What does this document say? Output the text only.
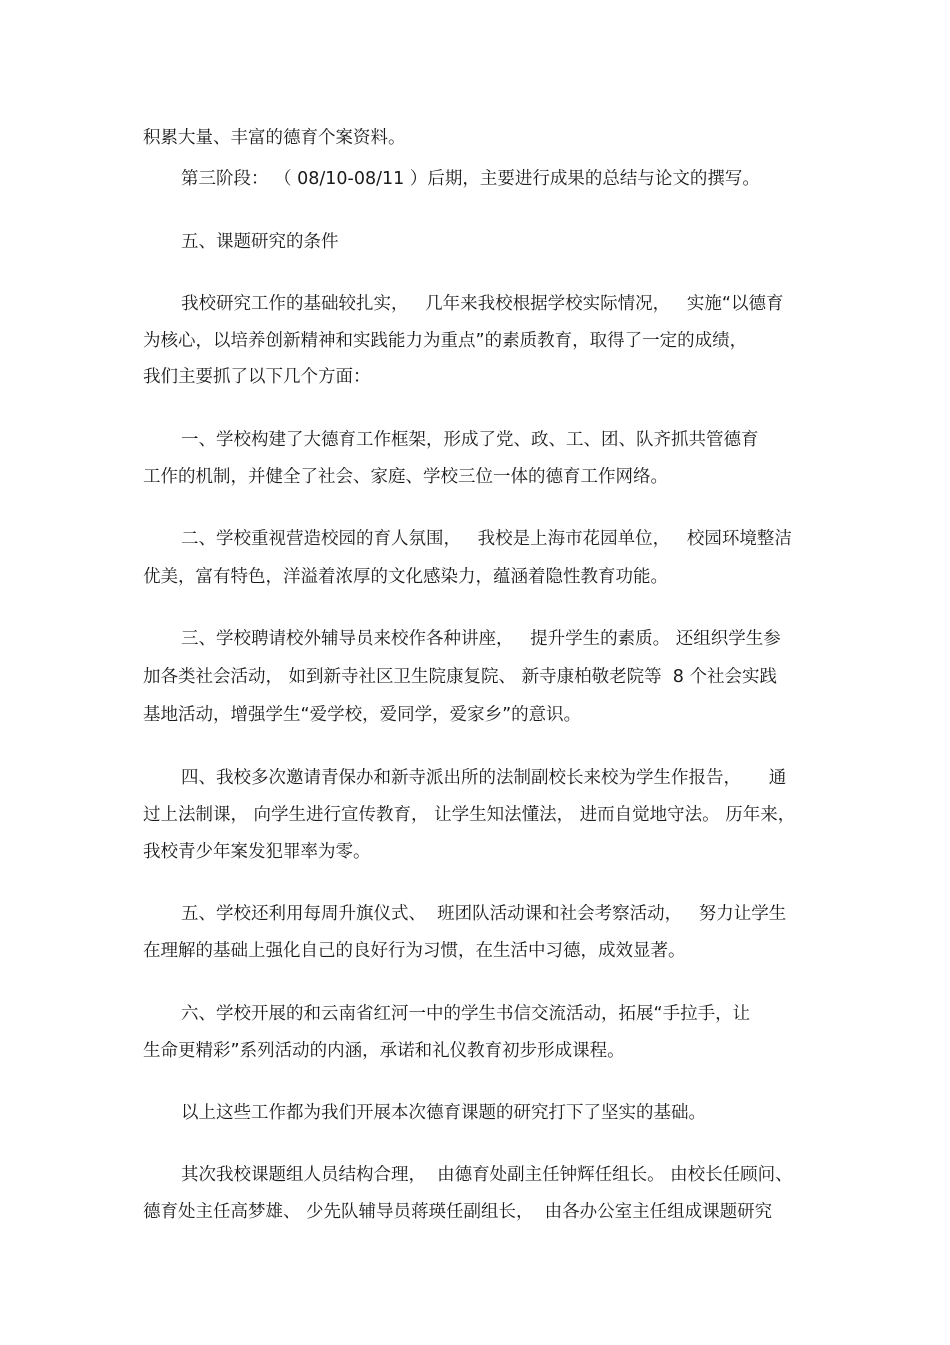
积累大量、丰富的德育个案资料。

第三阶段： （ 08/10-08/11 ）后期，主要进行成果的总结与论文的撰写。

五、课题研究的条件

我校研究工作的基础较扎实，   几年来我校根据学校实际情况，   实施“以德育

为核心，以培养创新精神和实践能力为重点”的素质教育，取得了一定的成绩，

我们主要抓了以下几个方面：

一、学校构建了大德育工作框架，形成了党、政、工、团、队齐抓共管德育

工作的机制，并健全了社会、家庭、学校三位一体的德育工作网络。

二、学校重视营造校园的育人氛围，   我校是上海市花园单位，   校园环境整洁

优美，富有特色，洋溢着浓厚的文化感染力，蕴涵着隐性教育功能。

三、学校聘请校外辅导员来校作各种讲座，   提升学生的素质。 还组织学生参

加各类社会活动， 如到新寺社区卫生院康复院、 新寺康柏敬老院等  8 个社会实践

基地活动，增强学生“爱学校，爱同学，爱家乡”的意识。

四、我校多次邀请青保办和新寺派出所的法制副校长来校为学生作报告，     通

过上法制课， 向学生进行宣传教育， 让学生知法懂法， 进而自觉地守法。 历年来，

我校青少年案发犯罪率为零。

五、学校还利用每周升旗仪式、  班团队活动课和社会考察活动，   努力让学生

在理解的基础上强化自己的良好行为习惯，在生活中习德，成效显著。

六、学校开展的和云南省红河一中的学生书信交流活动，拓展“手拉手，让

生命更精彩”系列活动的内涵，承诺和礼仪教育初步形成课程。

以上这些工作都为我们开展本次德育课题的研究打下了坚实的基础。

其次我校课题组人员结构合理，  由德育处副主任钟辉任组长。 由校长任顾问、

德育处主任高梦雄、 少先队辅导员蒋瑛任副组长，  由各办公室主任组成课题研究
